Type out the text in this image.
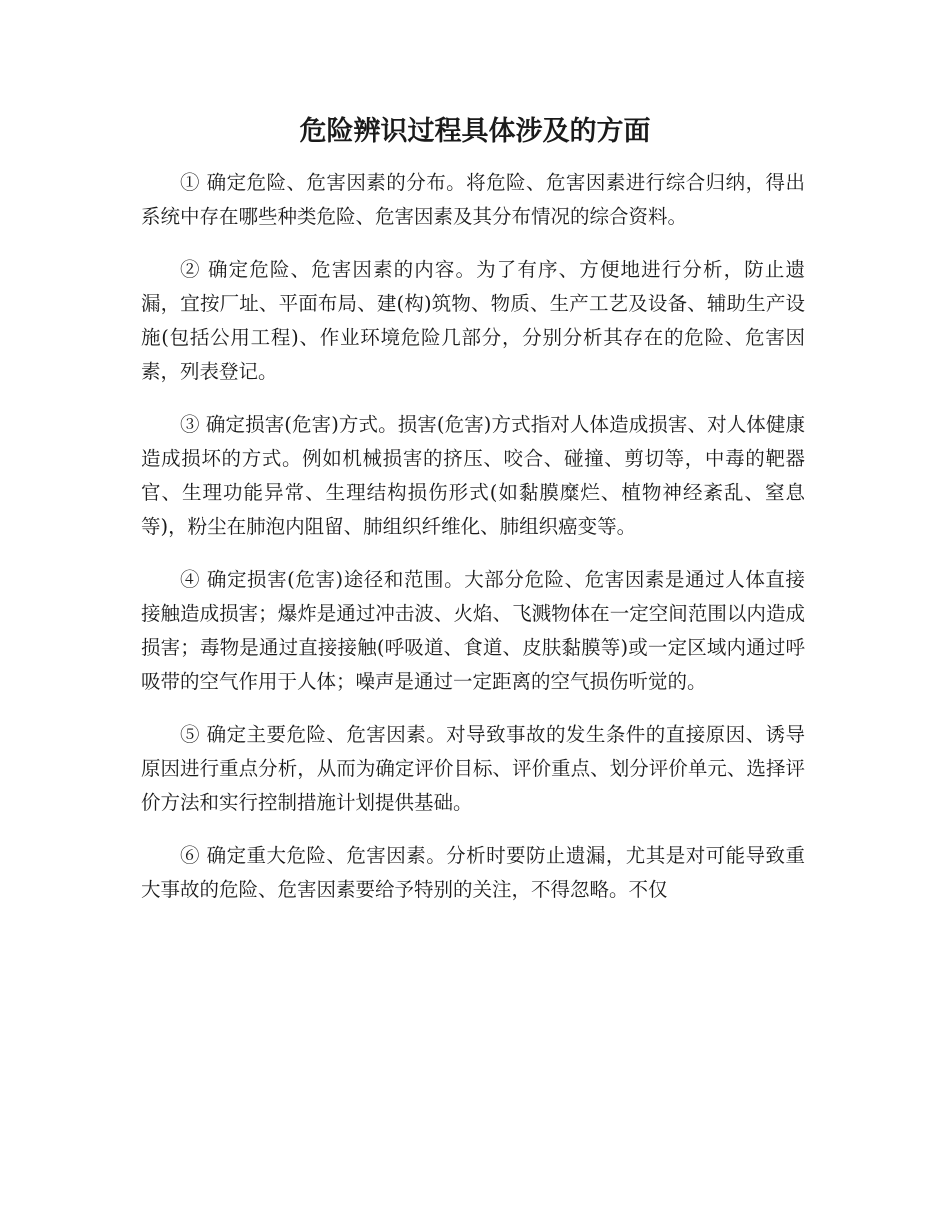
危险辨识过程具体涉及的方面

① 确定危险、危害因素的分布。将危险、危害因素进行综合归纳，得出系统中存在哪些种类危险、危害因素及其分布情况的综合资料。

② 确定危险、危害因素的内容。为了有序、方便地进行分析，防止遗漏，宜按厂址、平面布局、建(构)筑物、物质、生产工艺及设备、辅助生产设施(包括公用工程)、作业环境危险几部分，分别分析其存在的危险、危害因素，列表登记。

③ 确定损害(危害)方式。损害(危害)方式指对人体造成损害、对人体健康造成损坏的方式。例如机械损害的挤压、咬合、碰撞、剪切等，中毒的靶器官、生理功能异常、生理结构损伤形式(如黏膜糜烂、植物神经紊乱、窒息等)，粉尘在肺泡内阻留、肺组织纤维化、肺组织癌变等。

④ 确定损害(危害)途径和范围。大部分危险、危害因素是通过人体直接接触造成损害；爆炸是通过冲击波、火焰、飞溅物体在一定空间范围以内造成损害；毒物是通过直接接触(呼吸道、食道、皮肤黏膜等)或一定区域内通过呼吸带的空气作用于人体；噪声是通过一定距离的空气损伤听觉的。

⑤ 确定主要危险、危害因素。对导致事故的发生条件的直接原因、诱导原因进行重点分析，从而为确定评价目标、评价重点、划分评价单元、选择评价方法和实行控制措施计划提供基础。

⑥ 确定重大危险、危害因素。分析时要防止遗漏，尤其是对可能导致重大事故的危险、危害因素要给予特别的关注，不得忽略。不仅
